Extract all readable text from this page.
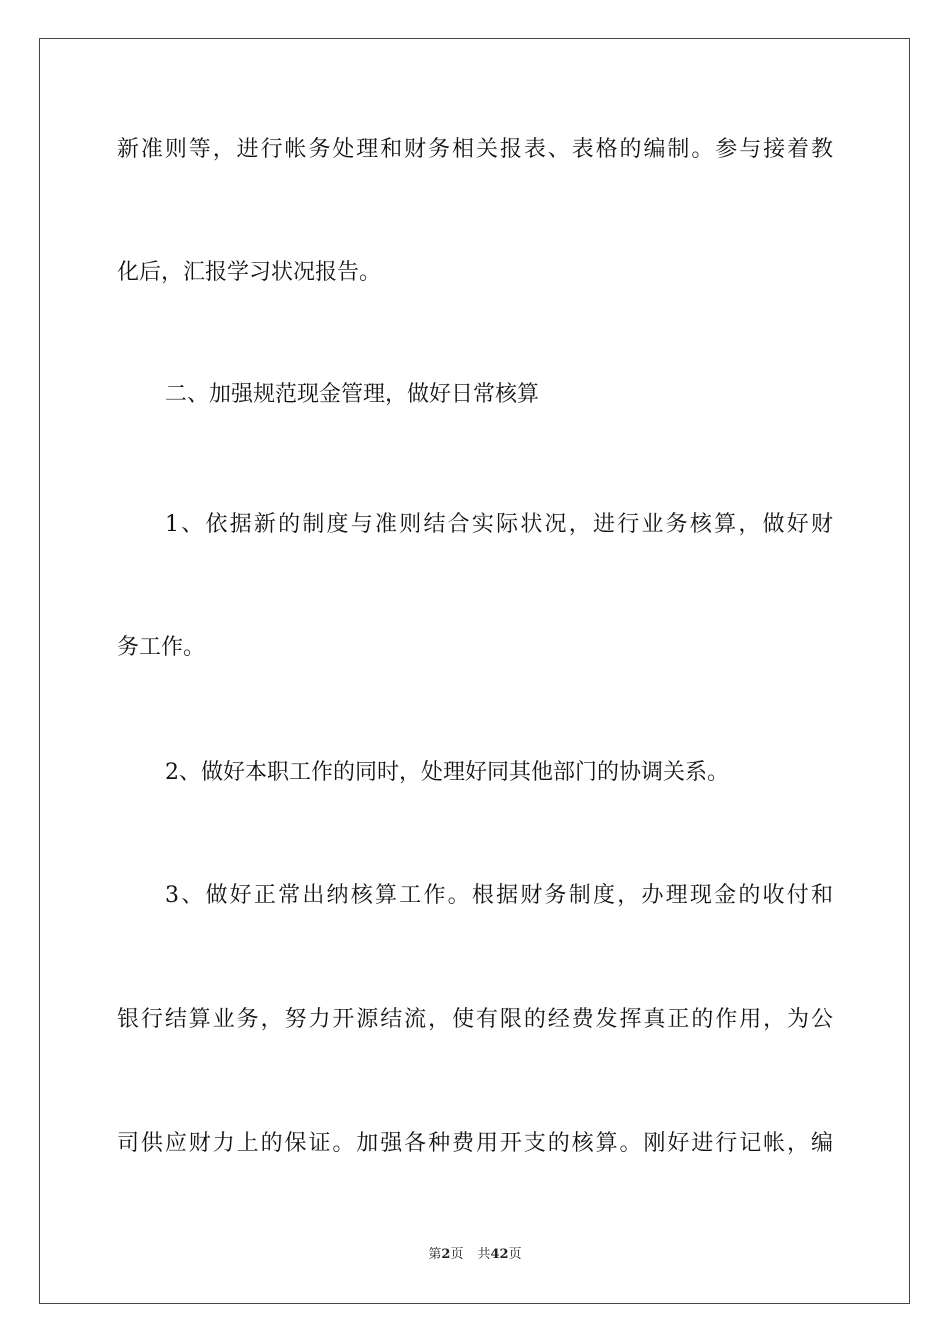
新准则等，进行帐务处理和财务相关报表、表格的编制。参与接着教
化后，汇报学习状况报告。
二、加强规范现金管理，做好日常核算
1、依据新的制度与准则结合实际状况，进行业务核算，做好财
务工作。
2、做好本职工作的同时，处理好同其他部门的协调关系。
3、做好正常出纳核算工作。根据财务制度，办理现金的收付和
银行结算业务，努力开源结流，使有限的经费发挥真正的作用，为公
司供应财力上的保证。加强各种费用开支的核算。刚好进行记帐，编
第2页 共42页
